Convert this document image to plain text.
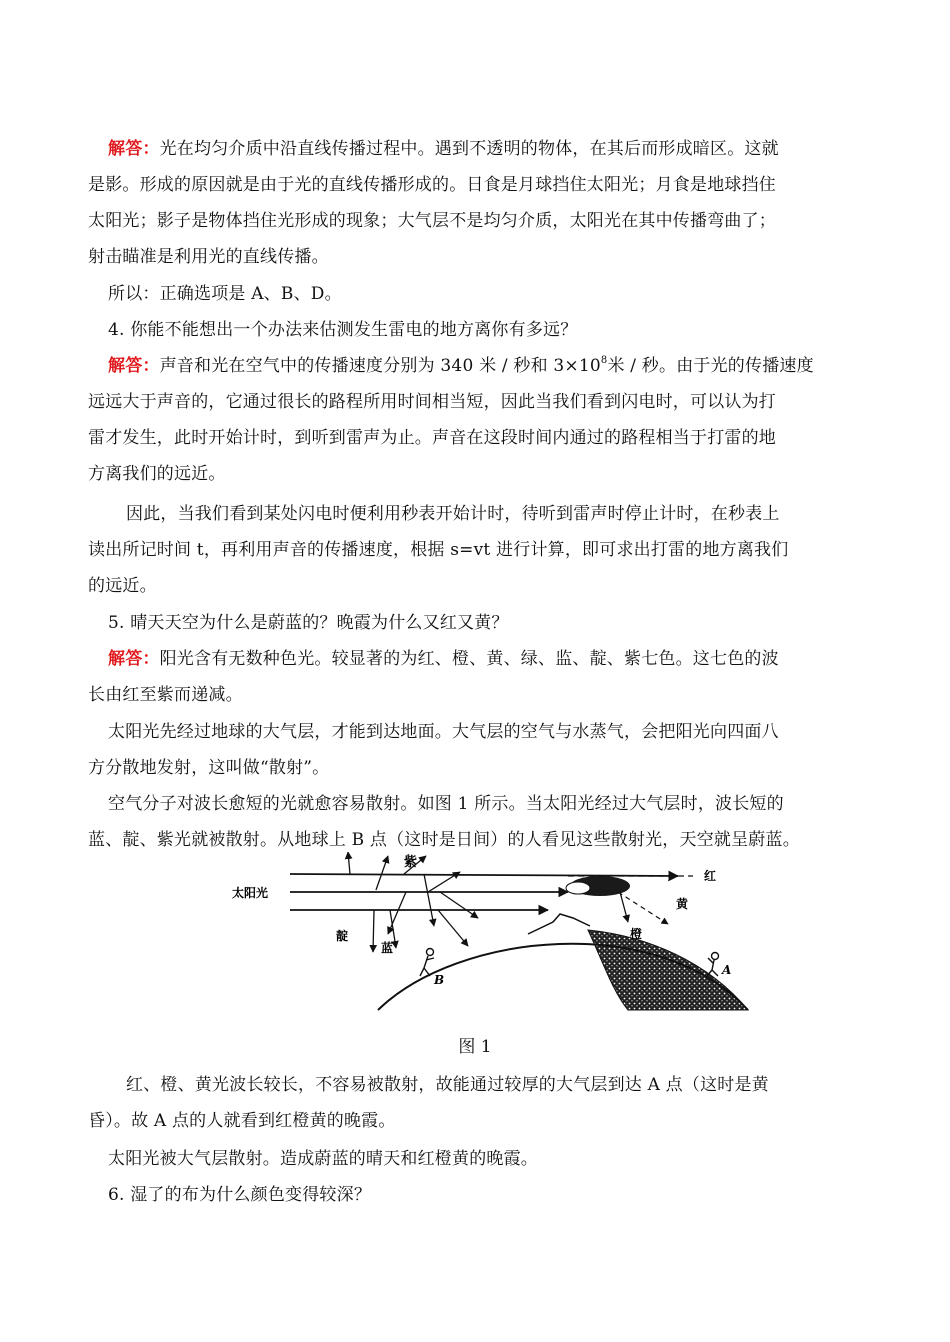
解答：光在均匀介质中沿直线传播过程中。遇到不透明的物体，在其后而形成暗区。这就
是影。形成的原因就是由于光的直线传播形成的。日食是月球挡住太阳光；月食是地球挡住
太阳光；影子是物体挡住光形成的现象；大气层不是均匀介质，太阳光在其中传播弯曲了；
射击瞄准是利用光的直线传播。
所以：正确选项是 A、B、D。
4. 你能不能想出一个办法来估测发生雷电的地方离你有多远？
解答：声音和光在空气中的传播速度分别为 340 米 / 秒和 $3\times 10^8$米 / 秒。由于光的传播速度
远远大于声音的，它通过很长的路程所用时间相当短，因此当我们看到闪电时，可以认为打
雷才发生，此时开始计时，到听到雷声为止。声音在这段时间内通过的路程相当于打雷的地
方离我们的远近。
因此，当我们看到某处闪电时便利用秒表开始计时，待听到雷声时停止计时，在秒表上
读出所记时间 t，再利用声音的传播速度，根据 s=vt 进行计算，即可求出打雷的地方离我们
的远近。
5. 晴天天空为什么是蔚蓝的？晚霞为什么又红又黄？
解答：阳光含有无数种色光。较显著的为红、橙、黄、绿、监、靛、紫七色。这七色的波
长由红至紫而递减。
太阳光先经过地球的大气层，才能到达地面。大气层的空气与水蒸气，会把阳光向四面八
方分散地发射，这叫做“散射”。
空气分子对波长愈短的光就愈容易散射。如图 1 所示。当太阳光经过大气层时，波长短的
蓝、靛、紫光就被散射。从地球上 B 点（这时是日间）的人看见这些散射光，天空就呈蔚蓝。
太阳光
紫
红
黄
橙
靛
蓝
B
A
图 1
红、橙、黄光波长较长，不容易被散射，故能通过较厚的大气层到达 A 点（这时是黄
昏）。故 A 点的人就看到红橙黄的晚霞。
太阳光被大气层散射。造成蔚蓝的晴天和红橙黄的晚霞。
6. 湿了的布为什么颜色变得较深？
